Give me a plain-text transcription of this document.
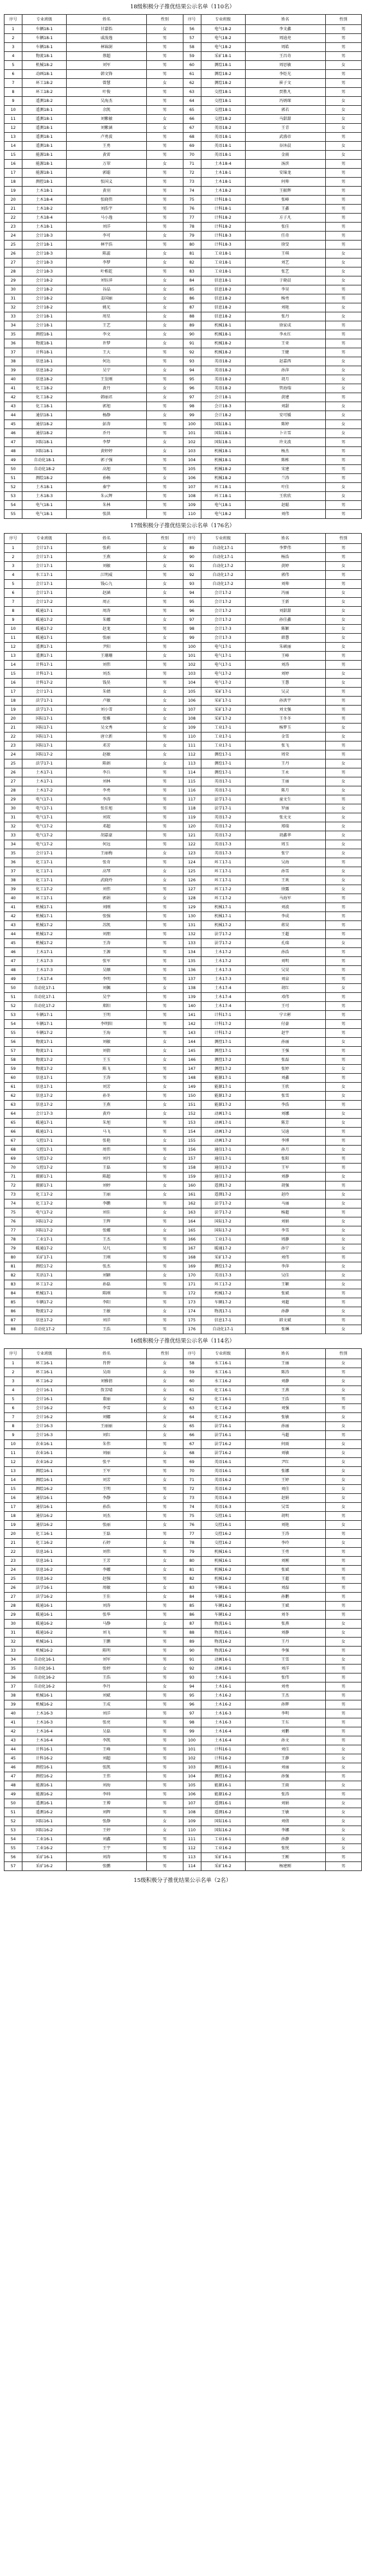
18级积极分子推优结果公示名单（110名）
序号	专业班级	姓名	性别	序号	专业班级	姓名	性别
1	车辆18-1	甘嘉怡	女	56	电气18-2	李文鑫	男
2	车辆18-1	戚浚逸	男	57	电气18-2	周迪亮	男
3	车辆18-1	林锦澍	男	58	电气18-2	周皓	男
4	物流18-1	蔡超	男	59	采矿18-1	王昌奇	男
5	机械18-2	刘军	男	60	测绘18-1	周思敏	女
6	动画18-1	韩文锋	男	61	测绘18-2	李炬光	男
7	环工18-2	曾慧	女	62	测绘18-2	崔子文	男
8	环工18-2	叶俊	男	63	交控18-1	贾胜凡	男
9	遥测18-2	吴海杰	男	64	交控18-1	冯炳琛	女
10	遥测18-1	余凯	男	65	交控18-1	郭若	女
11	遥测18-1	刘紫敏	女	66	交控18-2	马甜甜	女
12	遥测18-1	刘紫涵	女	67	英语18-2	王青	女
13	遥测18-1	卢勇波	男	68	英语18-1	武盛帝	男
14	遥测18-1	王勇	男	69	英语18-1	谷沐晨	女
15	能源18-1	黄雷	男	70	英语18-1	金雨	女
16	能源18-1	万翠	女	71	土木18-4	汤滨	男
17	能源18-1	郭聪	男	72	土木18-1	安锦龙	男
18	测控18-1	张国义	男	73	土木18-1	何帅	男
19	土木18-1	黄羽	男	74	土木18-2	王振辉	男
20	土木18-4	张晓伟	男	75	计科18-1	张峰	男
21	土木18-2	刘浩宇	男	76	计科18-1	王鑫	男
22	土木18-4	马小逸	男	77	计科18-2	方子凡	男
23	土木18-1	刘洋	男	78	计科18-2	张佳	男
24	会计18-3	李可	女	79	计科18-3	任奇	男
25	会计18-1	林宇浩	男	80	计科18-3	徐旻	男
26	会计18-3	陈蕊	女	81	工业18-1	王琪	女
27	会计18-3	李梦	女	82	工业18-1	刘艺	女
28	会计18-3	叶栋乾	男	83	工业18-1	张艺	女
29	会计18-2	刘钰萍	女	84	信息18-1	于晓晨	女
30	会计18-2	谷晶	女	85	信息18-2	李昊	男
31	会计18-2	姜国丽	女	86	信息18-2	杨勇	男
32	会计18-2	姚光	女	87	信息18-2	刘艳	女
33	会计18-1	周星	女	88	信息18-2	张丹	女
34	会计18-1	王艺	女	89	机械18-1	徐家成	男
35	测控18-1	李文	女	90	机械18-1	李永红	男
36	物流18-1	许梦	女	91	机械18-2	王亚	男
37	计科18-1	王大	男	92	机械18-2	王健	男
38	信息18-1	何达	男	93	英语18-2	赵嘉西	女
39	信息18-2	吴宁	女	94	英语18-2	孙萍	女
40	信息18-2	王发刚	男	95	英语18-2	胡月	女
41	化工18-2	黄丹	女	96	英语18-2	管海瑞	女
42	化工18-2	韩丽君	女	97	会计18-1	黄建	男
43	化工18-1	郭旭	男	98	会计18-3	刘甜	女
44	通信18-1	杨静	女	99	会计18-2	安可媛	女
45	通信18-2	彭涛	男	100	国际18-1	陈婷	女
46	通信18-2	乔丹	男	101	国际18-1	卜立雪	女
47	国际18-1	李梦	女	102	国际18-1	许文波	男
48	国际18-1	黄婷婷	女	103	机械18-1	杨杰	男
49	自动化18-1	郭子强	男	104	机械18-1	陈栋	男
50	自动化18-2	高旭	男	105	机械18-2	宋建	男
51	测绘18-2	孙畅	女	106	机械18-2	兰涛	男
52	土木18-1	秦宇	男	107	环工18-1	叶佳	女
53	土木18-3	朱云辉	男	108	环工18-1	王欣欣	女
54	电气18-1	朱林	男	109	电气18-1	赵聪	男
55	电气18-1	张洪	男	110	电气18-2	刘伟	男
17级积极分子推优结果公示名单（176名）
序号	专业班级	姓名	性别	序号	专业班级	姓名	性别
1	会计17-1	张莉	女	89	自动化17-1	李梦伟	男
2	会计17-1	王燕	女	90	自动化17-1	杨浩	男
3	会计17-1	刘敏	女	91	自动化17-2	黄婷	女
4	水工17-1	江明威	男	92	自动化17-2	郭伟	男
5	会计17-1	钱心九	女	93	自动化17-2	刘帅	男
6	会计17-1	赵涵	女	94	会计17-2	冯丽	女
7	会计17-2	周正	男	95	会计17-2	王新	女
8	暖通17-1	周涛	男	96	会计17-2	刘甜甜	女
9	暖通17-2	朱娜	女	97	会计17-2	孙佳鑫	女
10	暖通17-2	赵龙	男	98	会计17-3	陈颖	女
11	暖通17-1	张丽	女	99	会计17-3	韩慧	女
12	遥测17-1	尹阳	男	100	电气17-1	朱硕丽	女
13	遥测17-1	王珊珊	女	101	电气17-1	王峰	男
14	计科17-1	刘伟	男	102	电气17-1	刘涛	男
15	计科17-1	刘杰	男	103	电气17-2	刘婷	女
16	计科17-2	钱昊	男	104	电气17-2	王慧	女
17	会计17-1	朱婧	女	105	采矿17-1	吴灵	男
18	法学17-1	卢敏	女	106	采矿17-1	孙洪宇	男
19	法学17-1	刘小雪	女	107	采矿17-2	刘文强	男
20	国际17-1	张雅	女	108	采矿17-2	王冬冬	男
21	国际17-1	吴文秀	女	109	工业17-1	杨梦玉	女
22	国际17-1	唐立新	男	110	工业17-1	金雪	女
23	国际17-1	邓芳	女	111	工业17-1	张飞	男
24	国际17-2	赵敏	女	112	测绘17-1	周荣	男
25	法学17-1	陈娟	女	113	测绘17-1	王丹	女
26	土木17-1	李兵	男	114	测绘17-1	王永	男
27	土木17-1	刘林	男	115	英语17-1	王丽	女
28	土木17-2	李勇	男	116	英语17-1	陈月	女
29	电气17-1	李涛	男	117	法学17-1	童文生	男
30	电气17-1	张佳旭	男	118	法学17-1	罗丽	女
31	电气17-1	刘双	男	119	英语17-2	张文文	女
32	电气17-2	邓超	男	120	英语17-2	郑瑞	女
33	电气17-2	胡嘉豪	男	121	英语17-2	胡鑫华	女
34	电气17-2	何远	男	122	英语17-3	周玉	女
35	会计17-1	王丽梅	女	123	英语17-3	张宁	女
36	化工17-1	张奇	男	124	环工17-1	吴海	男
37	化工17-1	高琴	女	125	环工17-1	孙雪	女
38	化工17-1	武晓玲	女	126	环工17-1	王欢	女
39	化工17-2	刘伟	男	127	环工17-2	徐露	女
40	环工17-1	郭娟	女	128	环工17-2	马海军	男
41	机械17-1	刘刚	男	129	机械17-1	刘波	男
42	机械17-1	张强	男	130	机械17-1	李成	男
43	机械17-2	苏凯	男	131	机械17-2	蒋昊	男
44	机械17-2	刘朋	男	132	法学17-2	王超	男
45	机械17-2	王涛	男	133	法学17-2	孔瑞	女
46	土木17-1	王源	男	134	土木17-2	孙浩	男
47	土木17-3	张军	男	135	土木17-2	刘明	男
48	土木17-3	吴顺	男	136	土木17-3	吴昊	男
49	土木17-4	李明	男	137	土木17-3	刘泉	男
50	自动化17-1	刘佩	女	138	土木17-4	胡红	女
51	自动化17-1	吴宇	男	139	土木17-4	邓伟	男
52	自动化17-2	郑阳	男	140	土木17-4	王可	男
53	车辆17-1	王明	男	141	计科17-1	宁立彬	男
54	车辆17-1	李明阳	男	142	计科17-2	付豪	男
55	车辆17-2	王海	男	143	计科17-2	赵宇	男
56	物流17-1	刘敏	女	144	测控17-1	孙丽	女
57	物流17-1	刘倩	女	145	测控17-1	王强	男
58	物流17-2	王玉	女	146	测控17-2	张磊	男
59	物流17-2	陈飞	男	147	测控17-2	张婷	女
60	信息17-1	王涛	男	148	能源17-1	刘鑫	男
61	信息17-1	刘芳	女	149	能源17-1	王欣	女
62	信息17-2	孙冬	男	150	能源17-2	张雪	女
63	信息17-2	王燕	女	151	能源17-2	李浩	男
64	会计17-3	黄玲	女	152	动画17-1	刘娜	女
65	暖通17-1	朱旭	男	153	动画17-1	陈芳	女
66	暖通17-1	马飞	男	154	动画17-2	吴迪	男
67	交控17-1	张艳	女	155	动画17-2	李博	男
68	交控17-1	周伟	男	156	通信17-1	孙月	女
69	交控17-2	刘丹	女	157	通信17-1	张阳	男
70	交控17-2	王磊	男	158	通信17-2	王军	男
71	摄影17-1	陈超	男	159	通信17-2	刘静	女
72	摄影17-1	刘婷	女	160	遥测17-2	胡强	男
73	化工17-2	王丽	女	161	遥测17-2	赵玲	女
74	化工17-2	李鹏	男	162	法学17-2	马丽	女
75	电气17-2	刘佳	女	163	法学17-2	杨超	男
76	国际17-2	王辉	男	164	国际17-2	刘娟	女
77	国际17-2	张娜	女	165	国际17-2	李雪	女
78	工业17-1	王杰	男	166	工业17-1	周静	女
79	暖通17-2	吴凡	男	167	暖通17-2	孙宁	女
80	采矿17-1	王刚	男	168	采矿17-2	刘伟	男
81	测绘17-2	张杰	男	169	测绘17-2	李萍	女
82	英语17-1	刘颖	女	170	英语17-3	吴佳	女
83	环工17-2	孙磊	男	171	环工17-2	王颖	女
84	机械17-1	陈刚	男	172	机械17-2	张斌	男
85	车辆17-2	李阳	男	173	车辆17-2	刘超	男
86	物流17-2	王敏	女	174	物流17-1	孙静	女
87	信息17-2	刘洋	男	175	信息17-1	韩文斌	男
88	自动化17-2	王浩	男	176	自动化17-1	张琳	女
16级积极分子推优结果公示名单（114名）
序号	专业班级	姓名	性别	序号	专业班级	姓名	性别
1	环工16-1	肖碧	女	58	水工16-1	王丽	女
2	环工16-1	吴雨	女	59	水工16-1	陈涛	男
3	环工16-2	刘雅倩	女	60	水工16-2	刘静	女
4	会计16-1	詹芳晴	女	61	化工16-1	王燕	女
5	会计16-1	董丽	女	62	化工16-1	王浩	男
6	会计16-2	李雪	女	63	化工16-2	刘强	男
7	会计16-2	刘娜	女	64	化工16-2	张敏	女
8	会计16-3	王丽丽	女	65	法学16-1	孙丽	女
9	会计16-3	刘红	女	66	法学16-1	马超	男
10	农业16-1	朱伟	男	67	法学16-2	何雨	女
11	农业16-1	刘丽	女	68	法学16-2	刘敏	女
12	农业16-2	张平	男	69	英语16-1	尹红	女
13	测绘16-1	王军	男	70	英语16-1	张娜	女
14	测绘16-1	刘芳	女	71	英语16-2	王婷	女
15	测绘16-2	王明	男	72	英语16-2	刘佳	女
16	通信16-1	李静	女	73	英语16-3	赵娟	女
17	通信16-1	孙浩	男	74	英语16-3	吴雪	女
18	通信16-2	刘杰	男	75	交控16-1	胡明	男
19	通信16-2	张丽	女	76	交控16-1	刘艳	女
20	化工16-1	王磊	男	77	交控16-2	王涛	男
21	化工16-2	石婷	女	78	交控16-2	李玲	女
22	信息16-1	刘伟	男	79	机械16-1	王勇	男
23	信息16-1	王芳	女	80	机械16-1	刘刚	男
24	信息16-2	李娜	女	81	机械16-2	张斌	男
25	信息16-2	赵强	男	82	机械16-2	王超	男
26	法学16-1	周敏	女	83	车辆16-1	刘磊	男
27	法学16-2	王佳	女	84	车辆16-1	孙鹏	男
28	暖通16-1	刘涛	男	85	车辆16-2	王斌	男
29	暖通16-1	张华	男	86	车辆16-2	刘冬	男
30	暖通16-2	马静	女	87	物流16-1	张燕	女
31	暖通16-2	刘飞	男	88	物流16-1	刘静	女
32	机械16-1	王鹏	男	89	物流16-2	王丹	女
33	机械16-2	陈明	男	90	物流16-2	李强	男
34	自动化16-1	刘军	男	91	动画16-1	王雪	女
35	自动化16-1	张婷	女	92	动画16-1	刘洋	男
36	自动化16-2	王浩	男	93	土木16-1	张伟	男
37	自动化16-2	李丹	女	94	土木16-1	刘勇	男
38	机械16-1	刘斌	男	95	土木16-2	王杰	男
39	机械16-2	王成	男	96	土木16-2	孙辉	男
40	土木16-3	刘洋	男	97	土木16-3	李明	男
41	土木16-3	张亮	男	98	土木16-3	王东	男
42	土木16-4	吴磊	男	99	土木16-4	刘鹏	男
43	土木16-4	李凯	男	100	土木16-4	孙文	男
44	计科16-1	王峰	男	101	计科16-1	刘佳	女
45	计科16-2	刘超	男	102	计科16-2	王静	女
46	测控16-1	张凯	男	103	测控16-1	刘丽	女
47	测控16-2	王伟	男	104	测控16-2	孙强	男
48	能源16-1	刘海	男	105	能源16-1	王雨	女
49	能源16-2	李帅	男	106	能源16-2	张涛	男
50	遥测16-1	王博	男	107	遥测16-1	刘娟	女
51	遥测16-2	刘辉	男	108	遥测16-2	王敏	女
52	国际16-1	张静	女	109	国际16-1	刘倩	女
53	国际16-2	王婷	女	110	国际16-2	李娜	女
54	工业16-1	刘鑫	男	111	工业16-1	孙静	女
55	工业16-2	王宇	男	112	工业16-2	张悦	女
56	采矿16-1	刘涛	男	113	采矿16-1	王刚	男
57	采矿16-2	张鹏	男	114	采矿16-2	杨建刚	男
15级积极分子推优结果公示名单（2名）
